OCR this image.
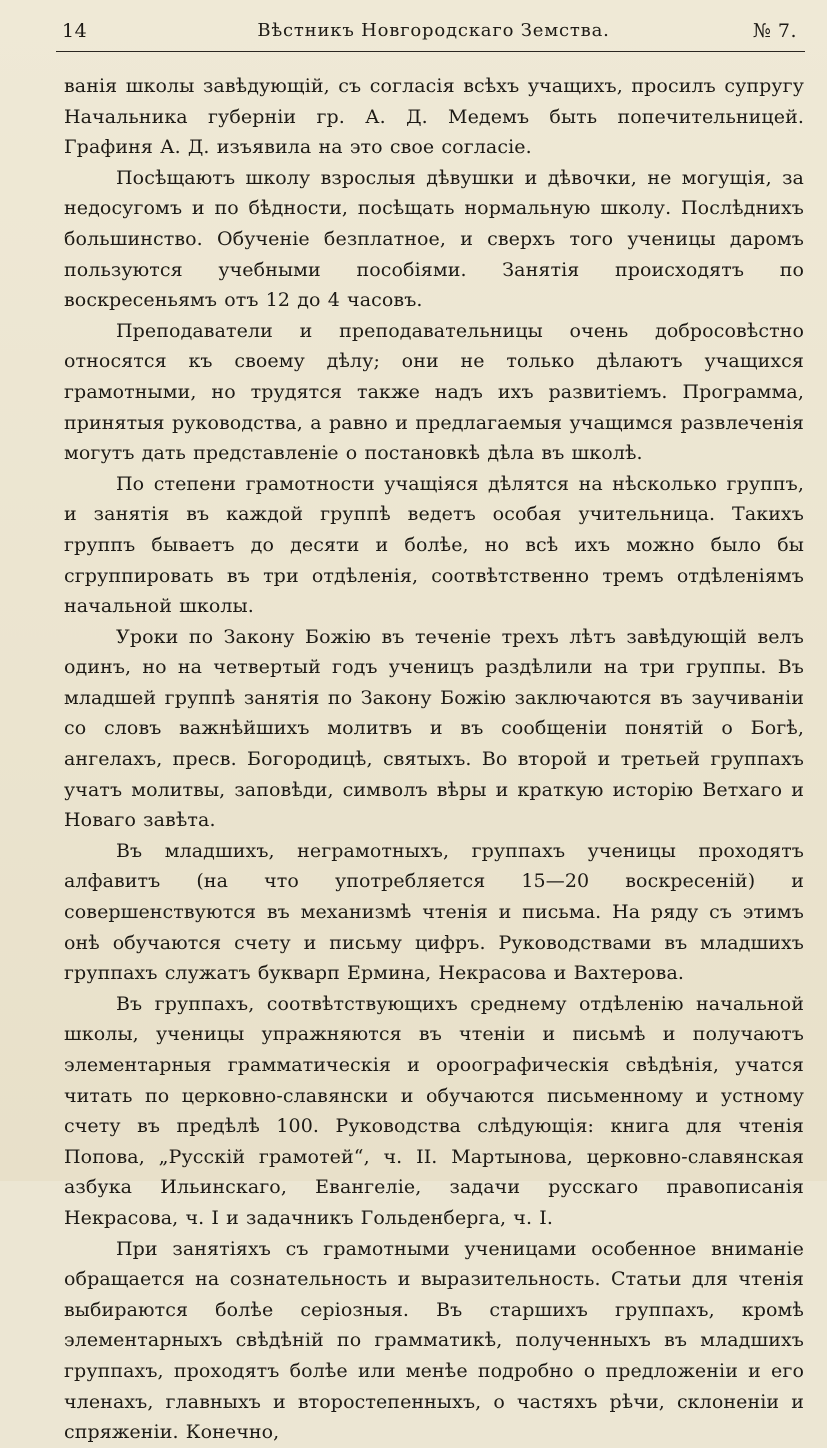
14	Вѣстникъ Новгородскаго Земства.	№ 7.

ванія школы завѣдующій, съ согласія всѣхъ учащихъ, просилъ супругу Начальника губерніи гр. А. Д. Медемъ быть попечительницей. Графиня А. Д. изъявила на это свое согласіе.

Посѣщаютъ школу взрослыя дѣвушки и дѣвочки, не могущія, за недосугомъ и по бѣдности, посѣщать нормальную школу. Послѣднихъ большинство. Обученіе безплатное, и сверхъ того ученицы даромъ пользуются учебными пособіями. Занятія происходятъ по воскресеньямъ отъ 12 до 4 часовъ.

Преподаватели и преподавательницы очень добросовѣстно относятся къ своему дѣлу; они не только дѣлаютъ учащихся грамотными, но трудятся также надъ ихъ развитіемъ. Программа, принятыя руководства, а равно и предлагаемыя учащимся развлеченія могутъ дать представленіе о постановкѣ дѣла въ школѣ.

По степени грамотности учащіяся дѣлятся на нѣсколько группъ, и занятія въ каждой группѣ ведетъ особая учительница. Такихъ группъ бываетъ до десяти и болѣе, но всѣ ихъ можно было бы сгруппировать въ три отдѣленія, соотвѣтственно тремъ отдѣленіямъ начальной школы.

Уроки по Закону Божію въ теченіе трехъ лѣтъ завѣдующій велъ одинъ, но на четвертый годъ ученицъ раздѣлили на три группы. Въ младшей группѣ занятія по Закону Божію заключаются въ заучиваніи со словъ важнѣйшихъ молитвъ и въ сообщеніи понятій о Богѣ, ангелахъ, пресв. Богородицѣ, святыхъ. Во второй и третьей группахъ учатъ молитвы, заповѣди, символъ вѣры и краткую исторію Ветхаго и Новаго завѣта.

Въ младшихъ, неграмотныхъ, группахъ ученицы проходятъ алфавитъ (на что употребляется 15—20 воскресеній) и совершенствуются въ механизмѣ чтенія и письма. На ряду съ этимъ онѣ обучаются счету и письму цифръ. Руководствами въ младшихъ группахъ служатъ букварп Ермина, Некрасова и Вахтерова.

Въ группахъ, соотвѣтствующихъ среднему отдѣленію начальной школы, ученицы упражняются въ чтеніи и письмѣ и получаютъ элементарныя грамматическія и ороографическія свѣдѣнія, учатся читать по церковно-славянски и обучаются письменному и устному счету въ предѣлѣ 100. Руководства слѣдующія: книга для чтенія Попова, „Русскій грамотей“, ч. II. Мартынова, церковно-славянская азбука Ильинскаго, Евангеліе, задачи русскаго правописанія Некрасова, ч. I и задачникъ Гольденберга, ч. I.

При занятіяхъ съ грамотными ученицами особенное вниманіе обращается на сознательность и выразительность. Статьи для чтенія выбираются болѣе серіозныя. Въ старшихъ группахъ, кромѣ элементарныхъ свѣдѣній по грамматикѣ, полученныхъ въ младшихъ группахъ, проходятъ болѣе или менѣе подробно о предложеніи и его членахъ, главныхъ и второстепенныхъ, о частяхъ рѣчи, склоненіи и спряженіи. Конечно,
